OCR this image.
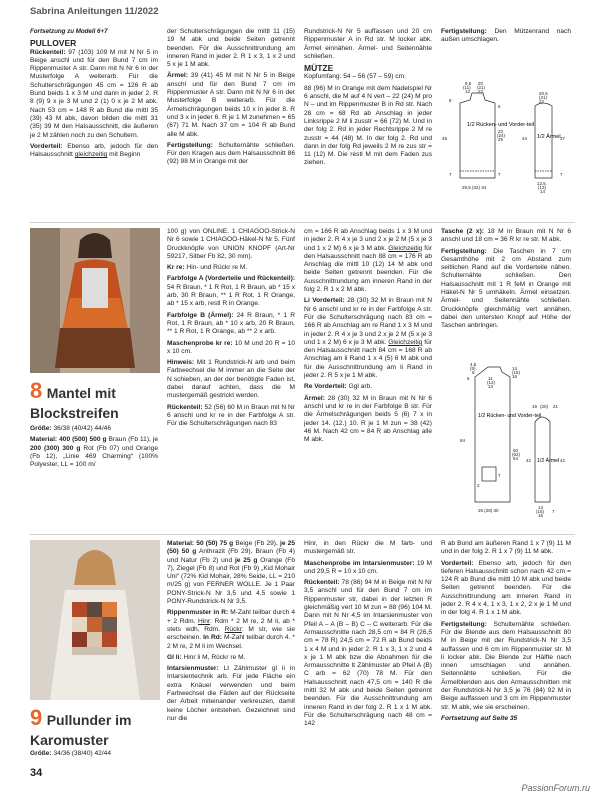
Sabrina Anleitungen 11/2022

Fortsetzung zu Modell 6+7

PULLOVER

Rückenteil: 97 (103) 109 M mit N Nr 5 in Beige anschl und für den Bund 7 cm im Rippenmuster A str. Dann mit N Nr 6 in der Musterfolge A weiterarb. Für die Schulterschrägungen 45 cm = 126 R ab Bund beids 1 x 3 M und dann in jeder 2. R 8 (9) 9 x je 3 M und 2 (1) 0 x je 2 M abk. Nach 53 cm = 148 R ab Bund die mittl 35 (39) 43 M abk, davon bilden die mittl 31 (35) 39 M den Halsausschnitt, die äußeren je 2 M zählen noch zu den Schultern.

Vorderteil: Ebenso arb, jedoch für den Halsausschnitt gleichzeitig mit Beginn

der Schulterschrägungen die mittl 11 (15) 19 M abk und beide Seiten getrennt beenden. Für die Ausschnittrundung am inneren Rand in jeder 2. R 1 x 3, 1 x 2 und 5 x je 1 M abk.

Ärmel: 39 (41) 45 M mit N Nr 5 in Beige anschl und für den Bund 7 cm im Rippenmuster A str. Dann mit N Nr 6 in der Musterfolge B weiterarb. Für die Ärmelschrägungen beids 10 x in jeder 8. R und 3 x in jeder 6. R je 1 M zunehmen = 65 (67) 71 M. Nach 37 cm = 104 R ab Bund alle M abk.

Fertigstellung: Schulternähte schließen. Für den Kragen aus dem Halsausschnitt 86 (92) 98 M in Orange mit der

Rundstrick-N Nr 5 auffassen und 20 cm Rippenmuster A in Rd str. M locker abk. Ärmel einnähen. Ärmel- und Seitennähte schließen.

MÜTZE

Kopfumfang: 54 – 56 (57 – 59) cm.

88 (96) M in Orange mit dem Nadelspiel Nr 6 anschl, die M auf 4 N vert – 22 (24) M pro N – und im Rippenmuster B in Rd str. Nach 28 cm = 68 Rd ab Anschlag in jeder Linksrippe 2 M li zusstr = 66 (72) M. Und in der folg 2. Rd in jeder Rechtsrippe 2 M re zusstr = 44 (48) M. In der folg 2. Rd und dann in der folg Rd jeweils 2 M re zus str = 11 (12) M. Die restl M mit dem Faden zus ziehen.

Fertigstellung: Den Mützenrand nach außen umschlagen.

9,5
(11)
12
20
(21)
22
8
45
5
23
(24)
25
7	7
29,5 (32) 34
20,5
(21)
22
44	37
7
12,5
(13)
14
1/2 Rücken- und Vorder-teil
1/2 Ärmel
8 Mantel mit
Blockstreifen

Größe: 36/38 (40/42) 44/46

Material: 400 (500) 500 g Braun (Fb 11), je 200 (300) 300 g Rot (Fb 07) und Orange (Fb 12), „Linie 469 Charming“ (100% Polyester, LL = 100 m/

100 g) von ONLINE. 1 CHIAGOO-Strick-N Nr 6 sowie 1 CHIAGOO-Häkel-N Nr 5. Fünf Druckknöpfe von UNION KNOPF (Art-Nr 59217, Silber Fb 82, 30 mm).

Kr re: Hin- und Rückr re M.

Farbfolge A (Vorderteile und Rückenteil): 54 R Braun, * 1 R Rot, 1 R Braun, ab * 15 x arb, 30 R Braun, ** 1 R Rot, 1 R Orange, ab * 15 x arb, restl R in Orange.

Farbfolge B (Ärmel): 24 R Braun, * 1 R Rot, 1 R Braun, ab * 10 x arb, 20 R Braun, ** 1 R Rot, 1 R Orange, ab ** 2 x arb.

Maschenprobe kr re: 10 M und 20 R = 10 x 10 cm.

Hinweis: Mit 1 Rundstrick-N arb und beim Farbwechsel die M immer an die Seite der N schieben, an der der benötigte Faden ist, dabei darauf achten, dass die M mustergemäß gestrickt werden.

Rückenteil: 52 (56) 60 M in Braun mit N Nr 6 anschl und kr re in der Farbfolge A str. Für die Schulterschrägungen nach 83

cm = 166 R ab Anschlag beids 1 x 3 M und in jeder 2. R 4 x je 3 und 2 x je 2 M (5 x je 3 und 1 x 2 M) 6 x je 3 M abk. Gleichzeitig für den Halsausschnitt nach 88 cm = 176 R ab Anschlag die mittl 10 (12) 14 M abk und beide Seiten getrennt beenden. Für die Ausschnittrundung am inneren Rand in der folg 2. R 1 x 2 M abk.

Li Vorderteil: 28 (30) 32 M in Braun mit N Nr 6 anschl und kr re in der Farbfolge A str. Für die Schulterschrägung nach 83 cm = 166 R ab Anschlag am re Rand 1 x 3 M und in jeder 2. R 4 x je 3 und 2 x je 2 M (5 x je 3 und 1 x 2 M) 6 x je 3 M abk. Gleichzeitig für den Halsausschnitt nach 84 cm = 168 R ab Anschlag am li Rand 1 x 4 (5) 6 M abk und für die Ausschnittrundung am li Rand in jeder 2. R 5 x je 1 M abk.

Re Vorderteil: Ggl arb.

Ärmel: 28 (30) 32 M in Braun mit N Nr 6 anschl und kr re in der Farbfolge B str. Für die Ärmelschrägungen beids 5 (6) 7 x in jeder 14. (12.) 10. R je 1 M zun = 38 (42) 46 M. Nach 42 cm = 84 R ab Anschlag alle M abk.

Tasche (2 x): 18 M in Braun mit N Nr 6 anschl und 18 cm = 36 R kr re str. M abk.

Fertigstellung: Die Taschen in 7 cm Gesamthöhe mit 2 cm Abstand zum seitlichen Rand auf die Vorderteile nähen. Schulternähte schließen. Den Halsausschnitt mit 1 R feM in Orange mit Häkel-N Nr 5 umhäkeln. Ärmel einsetzen. Ärmel- und Seitennähte schließen. Druckknöpfe gleichmäßig vert annähen, dabei den untersten Knopf auf Höhe der Taschen anbringen.

4,5
(5)
6
11
(12)
13
14
(15)
16
5
84
60
(62)
64
2
7
42
19 (20) 21
26 (28) 30
14
(15)
16
7
42
1/2 Rücken- und Vorder-teil
1/2 Ärmel
9 Pullunder im
Karomuster

Größe: 34/36 (38/40) 42/44

Material: 50 (50) 75 g Beige (Fb 29), je 25 (50) 50 g Anthrazit (Fb 29), Braun (Fb 4) und Natur (Fb 2) und je 25 g Orange (Fb 7), Ziegel (Fb 8) und Rot (Fb 9) „Kid Mohair Uni“ (72% Kid Mohair, 28% Seide, LL = 210 m/25 g) von FERNER WOLLE. Je 1 Paar PONY-Strick-N Nr 3,5 und 4,5 sowie 1 PONY-Rundstrick-N Nr 3,5.

Rippenmuster in R: M-Zahl teilbar durch 4 + 2 Rdm. Hinr: Rdm * 2 M re, 2 M li, ab * stets wdh, Rdm. Rückr: M str, wie sie erscheinen. In Rd: M-Zahl teilbar durch 4. * 2 M re, 2 M li im Wechsel.

Gl li: Hinr li M, Rückr re M.

Intarsienmuster: Lt Zählmuster gl li in Intarsientechnik arb. Für jede Fläche ein extra Knäuel verwenden und beim Farbwechsel die Fäden auf der Rückseite der Arbeit miteinander verkreuzen, damit keine Löcher entstehen. Gezeichnet sind nur die

Hinr, in den Rückr die M farb- und mustergemäß str.

Maschenprobe im Intarsienmuster: 19 M und 29,5 R = 10 x 10 cm.

Rückenteil: 78 (86) 94 M in Beige mit N Nr 3,5 anschl und für den Bund 7 cm im Rippenmuster str, dabei in der letzten R gleichmäßig vert 10 M zun = 88 (96) 104 M. Dann mit N Nr 4,5 im Intarsienmuster von Pfeil A – A (B – B) C – C weiterarb. Für die Armausschnitte nach 28,5 cm = 84 R (26,5 cm = 78 R) 24,5 cm = 72 R ab Bund beids 1 x 4 M und in jeder 2. R 1 x 3, 1 x 2 und 4 x je 1 M abk bzw die Abnahmen für die Armausschnitte lt Zählmuster ab Pfeil A (B) C arb = 62 (70) 78 M. Für den Halsausschnitt nach 47,5 cm = 140 R die mittl 32 M abk und beide Seiten getrennt beenden. Für die Ausschnittrundung am inneren Rand in der folg 2. R 1 x 1 M abk. Für die Schulterschrägung nach 48 cm = 142

R ab Bund am äußeren Rand 1 x 7 (9) 11 M und in der folg 2. R 1 x 7 (9) 11 M abk.

Vorderteil: Ebenso arb, jedoch für den tieferen Halsausschnitt schon nach 42 cm = 124 R ab Bund die mittl 10 M abk und beide Seiten getrennt beenden. Für die Ausschnittrundung am inneren Rand in jeder 2. R 4 x 4, 1 x 3, 1 x 2, 2 x je 1 M und in der folg 4. R 1 x 1 M abk.

Fertigstellung: Schulternähte schließen. Für die Blende aus dem Halsausschnitt 80 M in Beige mit der Rundstrick-N Nr 3,5 auffassen und 6 cm im Rippenmuster str. M li locker abk. Die Blende zur Hälfte nach innen umschlagen und annähen. Seitennähte schließen. Für die Ärmelblenden aus den Armausschnitten mit der Rundstrick-N Nr 3,5 je 76 (84) 92 M in Beige auffassen und 3 cm im Rippenmuster str. M abk, wie sie erscheinen.

Fortsetzung auf Seite 35

34
PassionForum.ru
